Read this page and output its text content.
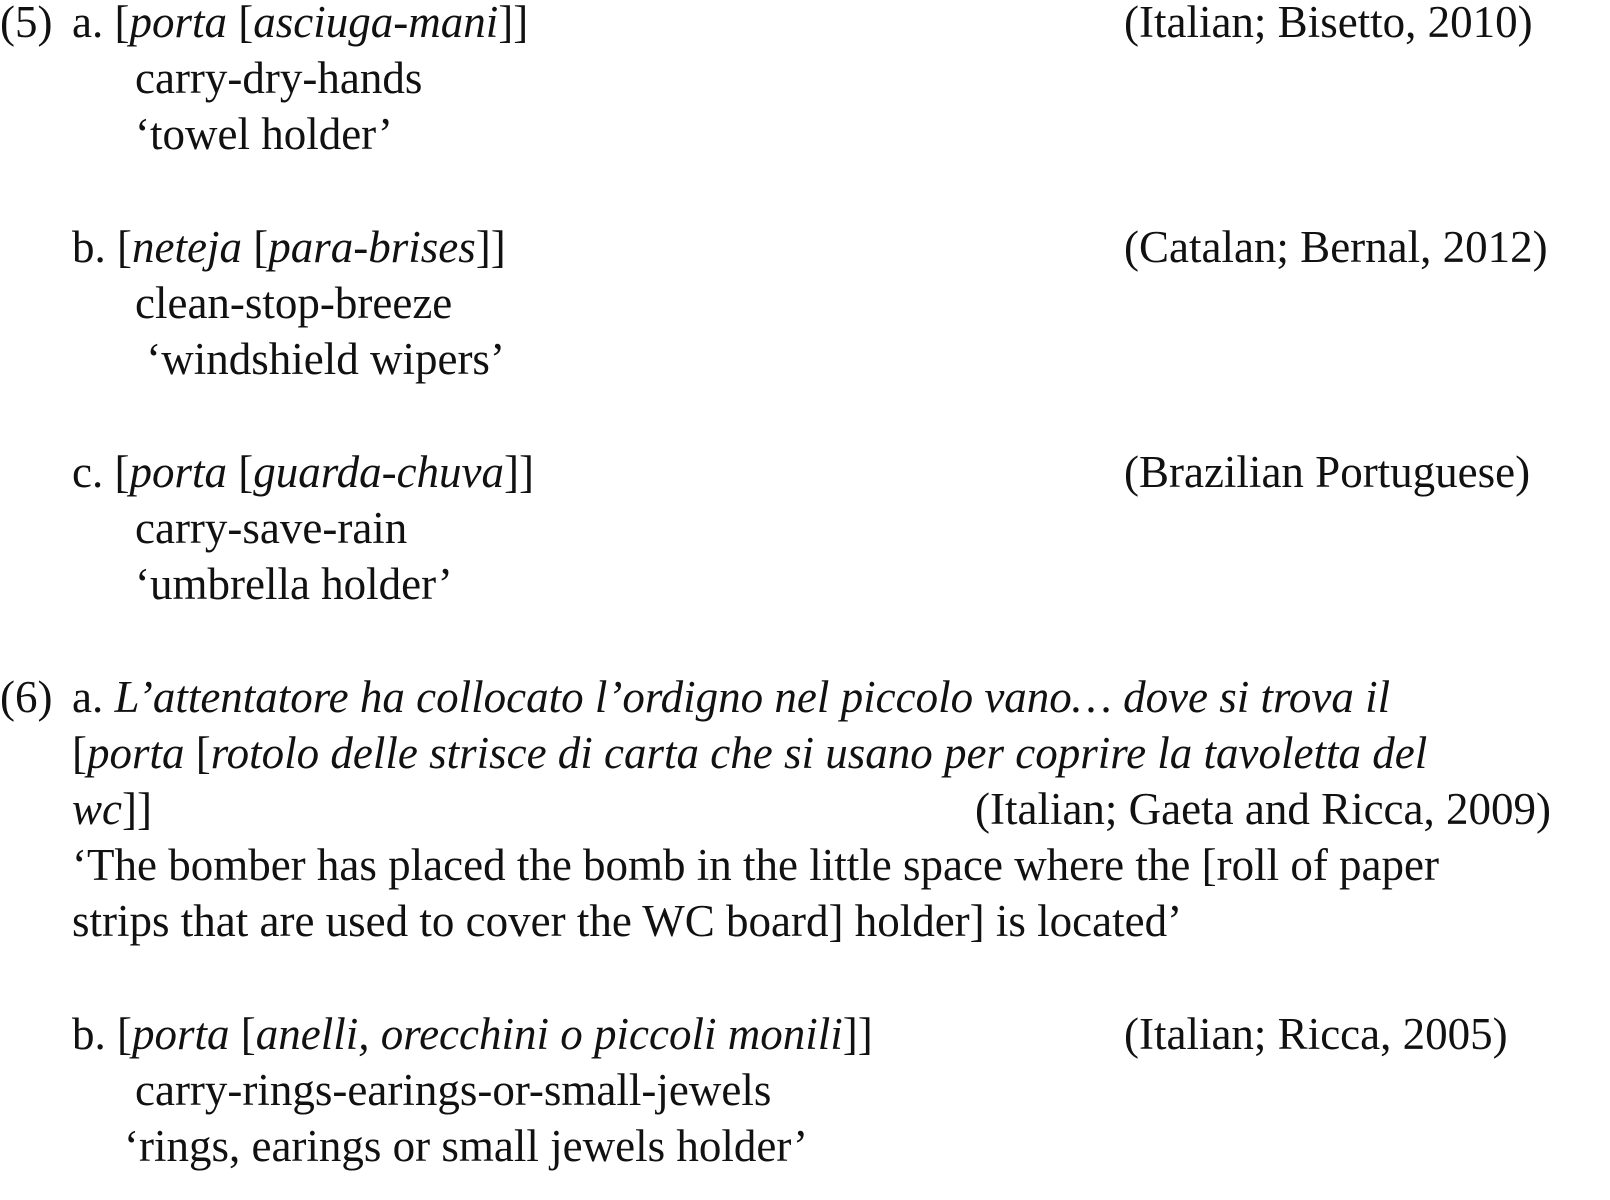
(5) a. [porta [asciuga-mani]]	(Italian; Bisetto, 2010)
carry-dry-hands
‘towel holder’
b. [neteja [para-brises]]	(Catalan; Bernal, 2012)
clean-stop-breeze
‘windshield wipers’
c. [porta [guarda-chuva]]	(Brazilian Portuguese)
carry-save-rain
‘umbrella holder’
(6) a. L’attentatore ha collocato l’ordigno nel piccolo vano… dove si trova il
[porta [rotolo delle strisce di carta che si usano per coprire la tavoletta del
wc]]	(Italian; Gaeta and Ricca, 2009)
‘The bomber has placed the bomb in the little space where the [roll of paper
strips that are used to cover the WC board] holder] is located’
b. [porta [anelli, orecchini o piccoli monili]]	(Italian; Ricca, 2005)
carry-rings-earings-or-small-jewels
‘rings, earings or small jewels holder’
